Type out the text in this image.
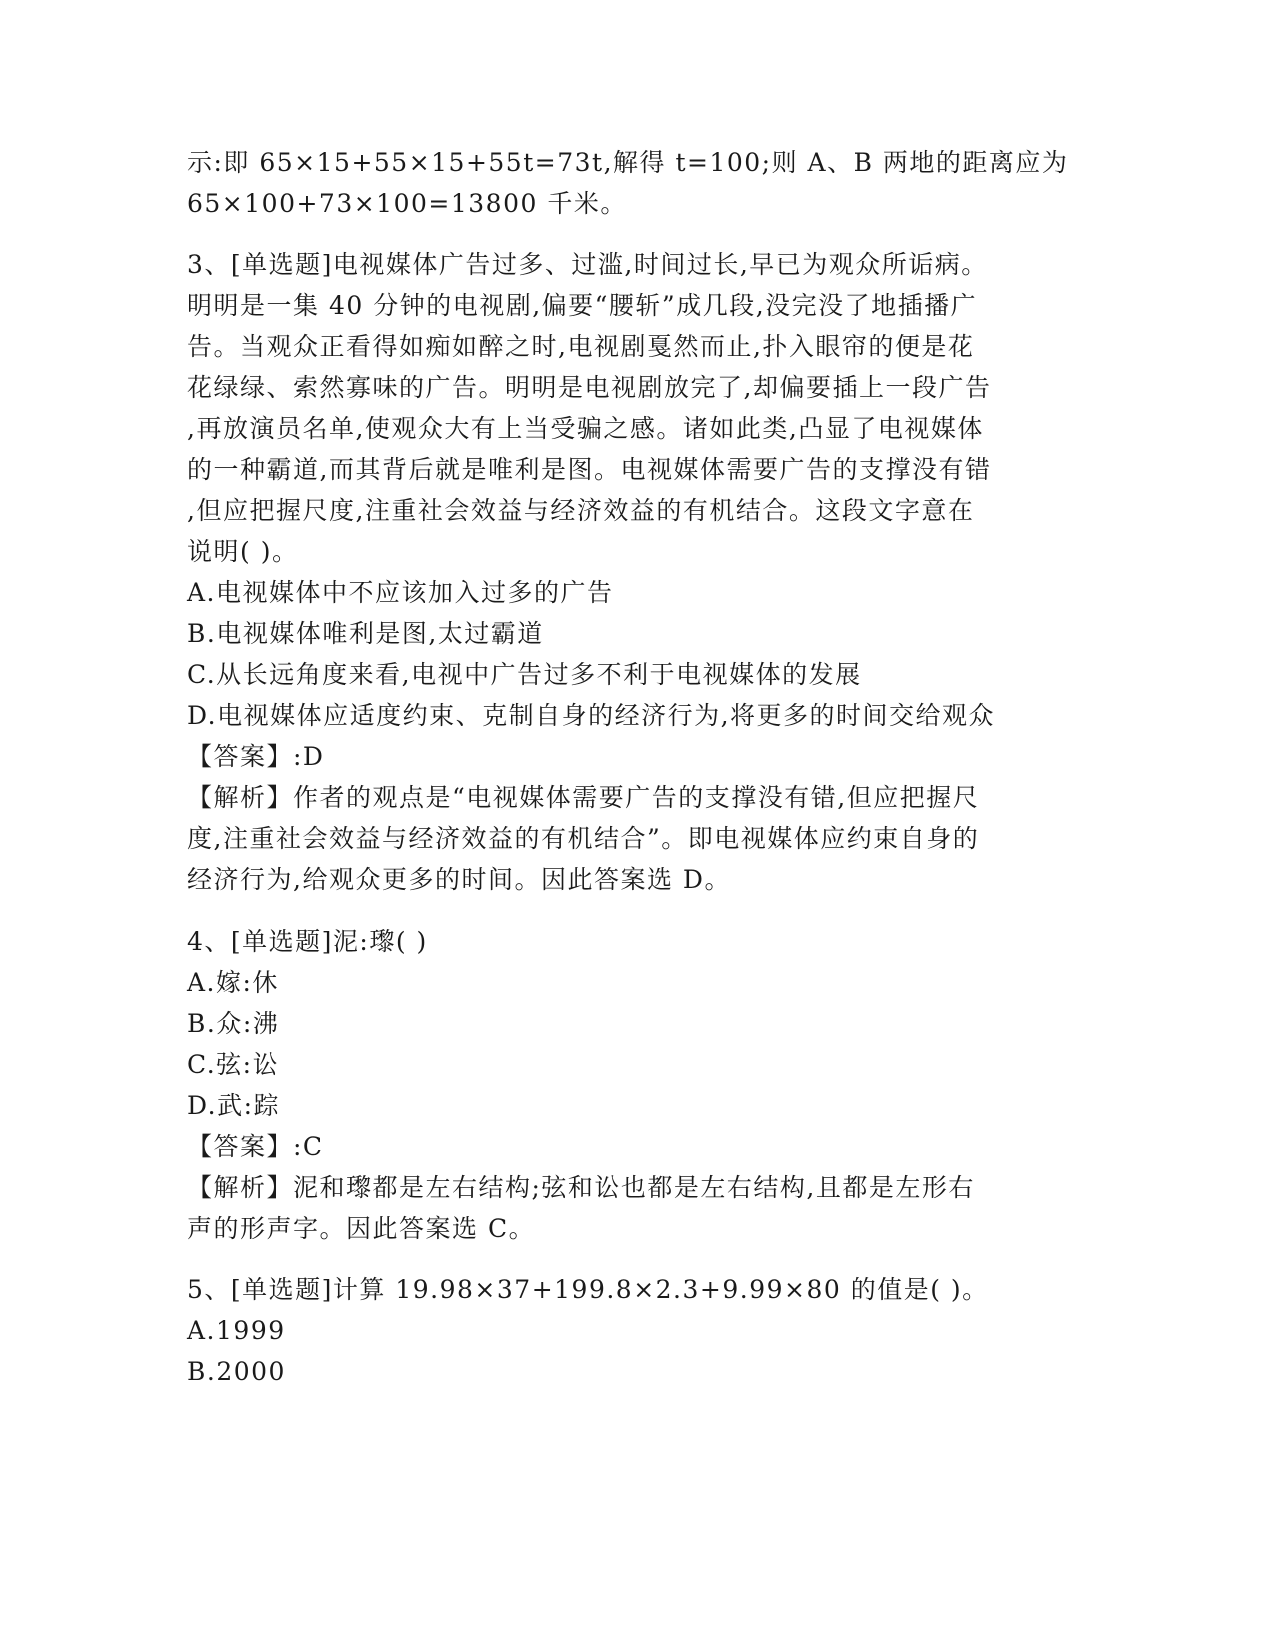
示:即 65×15+55×15+55t=73t,解得 t=100;则 A、B 两地的距离应为
65×100+73×100=13800 千米。
3、[单选题]电视媒体广告过多、过滥,时间过长,早已为观众所诟病。
明明是一集 40 分钟的电视剧,偏要“腰斩”成几段,没完没了地插播广
告。当观众正看得如痴如醉之时,电视剧戛然而止,扑入眼帘的便是花
花绿绿、索然寡味的广告。明明是电视剧放完了,却偏要插上一段广告
,再放演员名单,使观众大有上当受骗之感。诸如此类,凸显了电视媒体
的一种霸道,而其背后就是唯利是图。电视媒体需要广告的支撑没有错
,但应把握尺度,注重社会效益与经济效益的有机结合。这段文字意在
说明( )。
A.电视媒体中不应该加入过多的广告
B.电视媒体唯利是图,太过霸道
C.从长远角度来看,电视中广告过多不利于电视媒体的发展
D.电视媒体应适度约束、克制自身的经济行为,将更多的时间交给观众
【答案】:D
【解析】作者的观点是“电视媒体需要广告的支撑没有错,但应把握尺
度,注重社会效益与经济效益的有机结合”。即电视媒体应约束自身的
经济行为,给观众更多的时间。因此答案选 D。
4、[单选题]泥:瓈( )
A.嫁:休
B.众:沸
C.弦:讼
D.武:踪
【答案】:C
【解析】泥和瓈都是左右结构;弦和讼也都是左右结构,且都是左形右
声的形声字。因此答案选 C。
5、[单选题]计算 19.98×37+199.8×2.3+9.99×80 的值是( )。
A.1999
B.2000
